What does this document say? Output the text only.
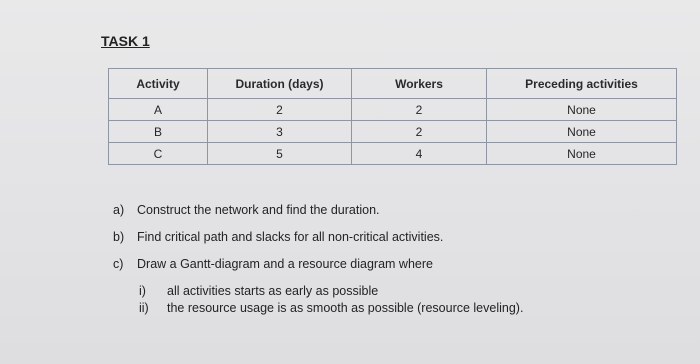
TASK 1
Activity	Duration (days)	Workers	Preceding activities
A	2	2	None
B	3	2	None
C	5	4	None
a) Construct the network and find the duration.
b) Find critical path and slacks for all non-critical activities.
c) Draw a Gantt-diagram and a resource diagram where
i) all activities starts as early as possible
ii) the resource usage is as smooth as possible (resource leveling).
